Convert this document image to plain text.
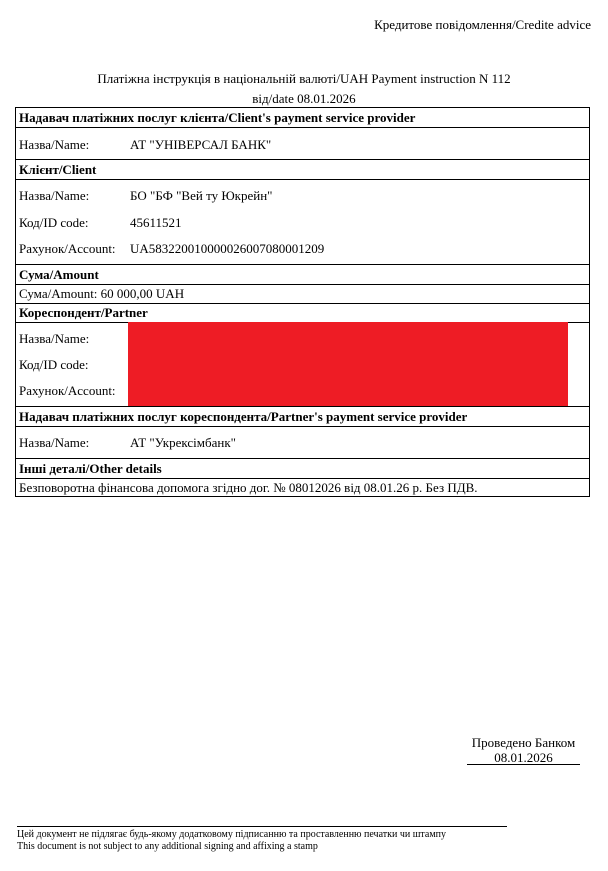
Кредитове повідомлення/Credite advice
Платіжна інструкція в національній валюті/UAH Payment instruction N 112
від/date 08.01.2026
Надавач платіжних послуг клієнта/Client's payment service provider
Назва/Name:	АТ "УНІВЕРСАЛ БАНК"
Клієнт/Client
Назва/Name:	БО "БФ "Вей ту Юкрейн"
Код/ID code:	45611521
Рахунок/Account: UA583220010000026007080001209
Сума/Amount
Сума/Amount: 60 000,00 UAH
Кореспондент/Partner
Назва/Name:
Код/ID code:
Рахунок/Account:
Надавач платіжних послуг кореспондента/Partner's payment service provider
Назва/Name:	АТ "Укрексімбанк"
Інші деталі/Other details
Безповоротна фінансова допомога згідно дог. № 08012026 від 08.01.26 р. Без ПДВ.
Проведено Банком
08.01.2026
Цей документ не підлягає будь-якому додатковому підписанню та проставленню печатки чи штампу
This document is not subject to any additional signing and affixing a stamp
